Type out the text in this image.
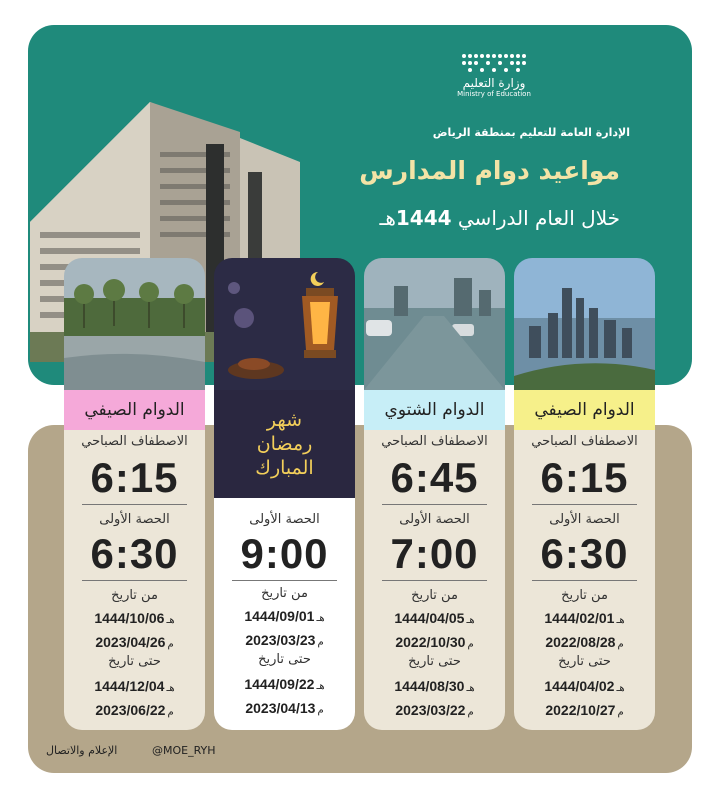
وزارة التعليم
Ministry of Education
الإدارة العامة للتعليم بمنطقة الرياض
مواعيد دوام المدارس
خلال العام الدراسي 1444هـ
الدوام الصيفي
الاصطفاف الصباحي
6:15
الحصة الأولى
6:30
من تاريخ
هـ1444/02/01
م2022/08/28
حتى تاريخ
هـ1444/04/02
م2022/10/27
الدوام الشتوي
الاصطفاف الصباحي
6:45
الحصة الأولى
7:00
من تاريخ
هـ1444/04/05
م2022/10/30
حتى تاريخ
هـ1444/08/30
م2023/03/22
شهر
رمضان
المبارك
الحصة الأولى
9:00
من تاريخ
هـ1444/09/01
م2023/03/23
حتى تاريخ
هـ1444/09/22
م2023/04/13
الدوام الصيفي
الاصطفاف الصباحي
6:15
الحصة الأولى
6:30
من تاريخ
هـ1444/10/06
م2023/04/26
حتى تاريخ
هـ1444/12/04
م2023/06/22
الإعلام والاتصال	@MOE_RYH
